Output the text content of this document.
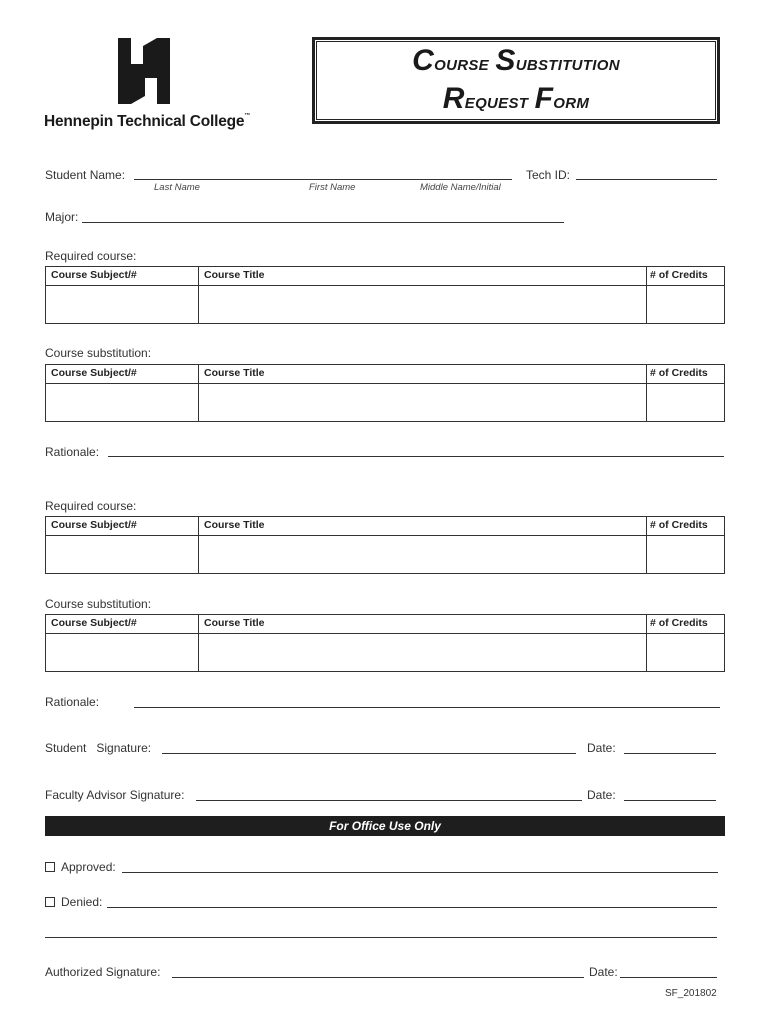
Hennepin Technical College™
Course Substitution
Request Form
Student Name:
Last Name	First Name	Middle Name/Initial
Tech ID:
Major:
Required course:
Course Subject/#	Course Title	# of Credits
Course substitution:
Course Subject/#	Course Title	# of Credits
Rationale:
Required course:
Course Subject/#	Course Title	# of Credits
Course substitution:
Course Subject/#	Course Title	# of Credits
Rationale:
Student   Signature:	Date:
Faculty Advisor Signature:	Date:
For Office Use Only
Approved:
Denied:
Authorized Signature:	Date:
SF_201802
